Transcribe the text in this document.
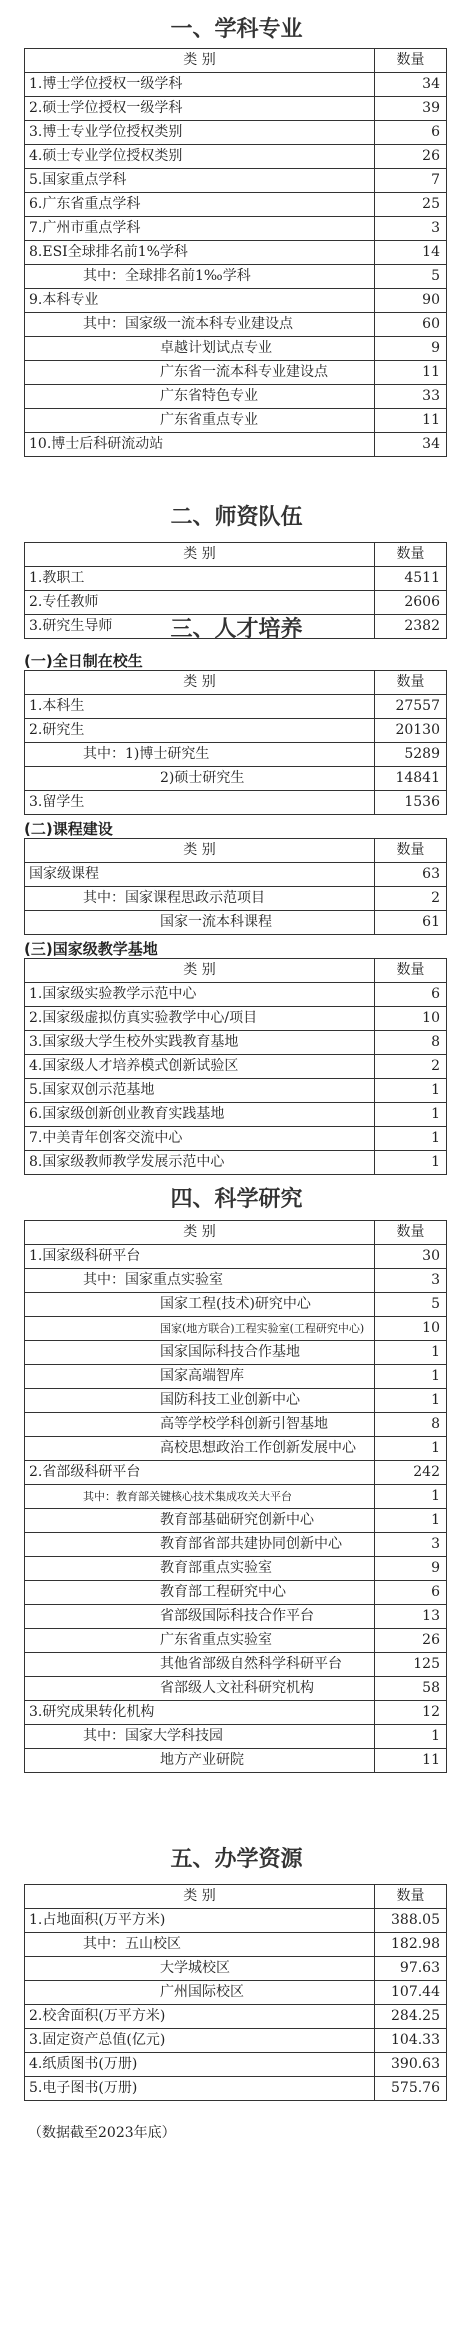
一、学科专业
类 别	数量
1.博士学位授权一级学科	34
2.硕士学位授权一级学科	39
3.博士专业学位授权类别	6
4.硕士专业学位授权类别	26
5.国家重点学科	7
6.广东省重点学科	25
7.广州市重点学科	3
8.ESI全球排名前1%学科	14
其中：全球排名前1‰学科	5
9.本科专业	90
其中：国家级一流本科专业建设点	60
卓越计划试点专业	9
广东省一流本科专业建设点	11
广东省特色专业	33
广东省重点专业	11
10.博士后科研流动站	34
二、师资队伍
类 别	数量
1.教职工	4511
2.专任教师	2606
3.研究生导师	2382
三、人才培养

(一)全日制在校生

类 别	数量
1.本科生	27557
2.研究生	20130
其中：1)博士研究生	5289
2)硕士研究生	14841
3.留学生	1536

(二)课程建设

类 别	数量
国家级课程	63
其中：国家课程思政示范项目	2
国家一流本科课程	61

(三)国家级教学基地

类 别	数量
1.国家级实验教学示范中心	6
2.国家级虚拟仿真实验教学中心/项目	10
3.国家级大学生校外实践教育基地	8
4.国家级人才培养模式创新试验区	2
5.国家双创示范基地	1
6.国家级创新创业教育实践基地	1
7.中美青年创客交流中心	1
8.国家级教师教学发展示范中心	1
四、科学研究
类 别	数量
1.国家级科研平台	30
其中：国家重点实验室	3
国家工程(技术)研究中心	5
国家(地方联合)工程实验室(工程研究中心)	10
国家国际科技合作基地	1
国家高端智库	1
国防科技工业创新中心	1
高等学校学科创新引智基地	8
高校思想政治工作创新发展中心	1
2.省部级科研平台	242
其中：教育部关键核心技术集成攻关大平台	1
教育部基础研究创新中心	1
教育部省部共建协同创新中心	3
教育部重点实验室	9
教育部工程研究中心	6
省部级国际科技合作平台	13
广东省重点实验室	26
其他省部级自然科学科研平台	125
省部级人文社科研究机构	58
3.研究成果转化机构	12
其中：国家大学科技园	1
地方产业研院	11
五、办学资源
类 别	数量
1.占地面积(万平方米)	388.05
其中：五山校区	182.98
大学城校区	97.63
广州国际校区	107.44
2.校舍面积(万平方米)	284.25
3.固定资产总值(亿元)	104.33
4.纸质图书(万册)	390.63
5.电子图书(万册)	575.76

（数据截至2023年底）
